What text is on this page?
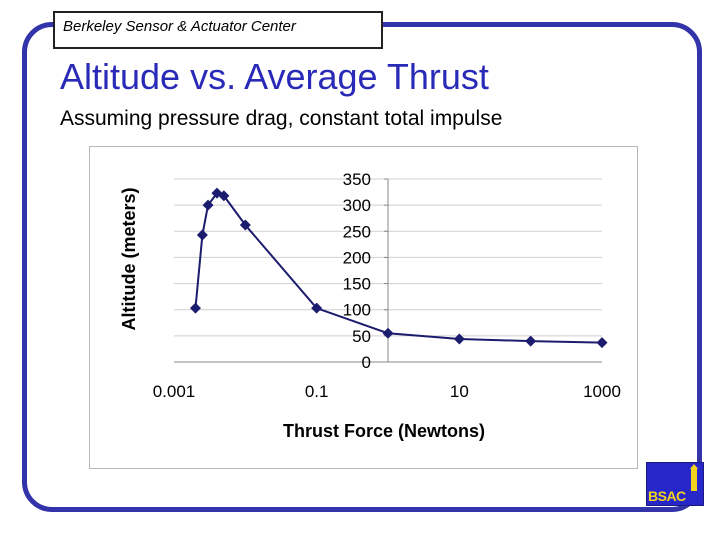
Berkeley Sensor & Actuator Center
Altitude vs. Average Thrust
Assuming pressure drag, constant total impulse
0
50
100
150
200
250
300
350
0.001	0.1	10	1000
Thrust Force (Newtons)
Altitude (meters)
BSAC
